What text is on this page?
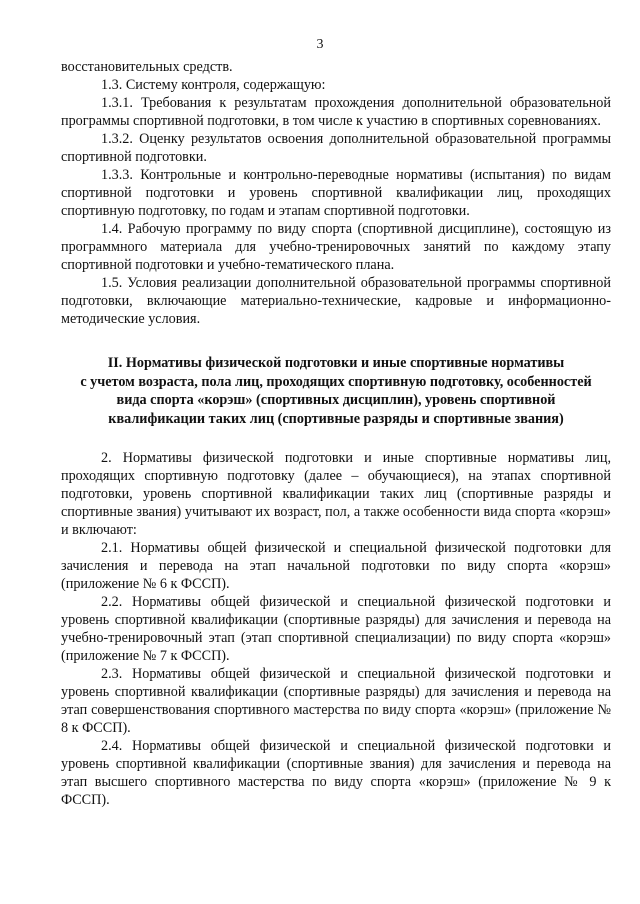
3

восстановительных средств.

1.3. Систему контроля, содержащую:

1.3.1. Требования к результатам прохождения дополнительной образовательной программы спортивной подготовки, в том числе к участию в спортивных соревнованиях.

1.3.2. Оценку результатов освоения дополнительной образовательной программы спортивной подготовки.

1.3.3. Контрольные и контрольно-переводные нормативы (испытания) по видам спортивной подготовки и уровень спортивной квалификации лиц, проходящих спортивную подготовку, по годам и этапам спортивной подготовки.

1.4. Рабочую программу по виду спорта (спортивной дисциплине), состоящую из программного материала для учебно-тренировочных занятий по каждому этапу спортивной подготовки и учебно-тематического плана.

1.5. Условия реализации дополнительной образовательной программы спортивной подготовки, включающие материально-технические, кадровые и информационно-методические условия.

II. Нормативы физической подготовки и иные спортивные нормативы
с учетом возраста, пола лиц, проходящих спортивную подготовку, особенностей
вида спорта «корэш» (спортивных дисциплин), уровень спортивной
квалификации таких лиц (спортивные разряды и спортивные звания)

2. Нормативы физической подготовки и иные спортивные нормативы лиц, проходящих спортивную подготовку (далее – обучающиеся), на этапах спортивной подготовки, уровень спортивной квалификации таких лиц (спортивные разряды и спортивные звания) учитывают их возраст, пол, а также особенности вида спорта «корэш» и включают:

2.1. Нормативы общей физической и специальной физической подготовки для зачисления и перевода на этап начальной подготовки по виду спорта «корэш» (приложение № 6 к ФССП).

2.2. Нормативы общей физической и специальной физической подготовки и уровень спортивной квалификации (спортивные разряды) для зачисления и перевода на учебно-тренировочный этап (этап спортивной специализации) по виду спорта «корэш» (приложение № 7 к ФССП).

2.3. Нормативы общей физической и специальной физической подготовки и уровень спортивной квалификации (спортивные разряды) для зачисления и перевода на этап совершенствования спортивного мастерства по виду спорта «корэш» (приложение № 8 к ФССП).

2.4. Нормативы общей физической и специальной физической подготовки и уровень спортивной квалификации (спортивные звания) для зачисления и перевода на этап высшего спортивного мастерства по виду спорта «корэш» (приложение № 9 к ФССП).
